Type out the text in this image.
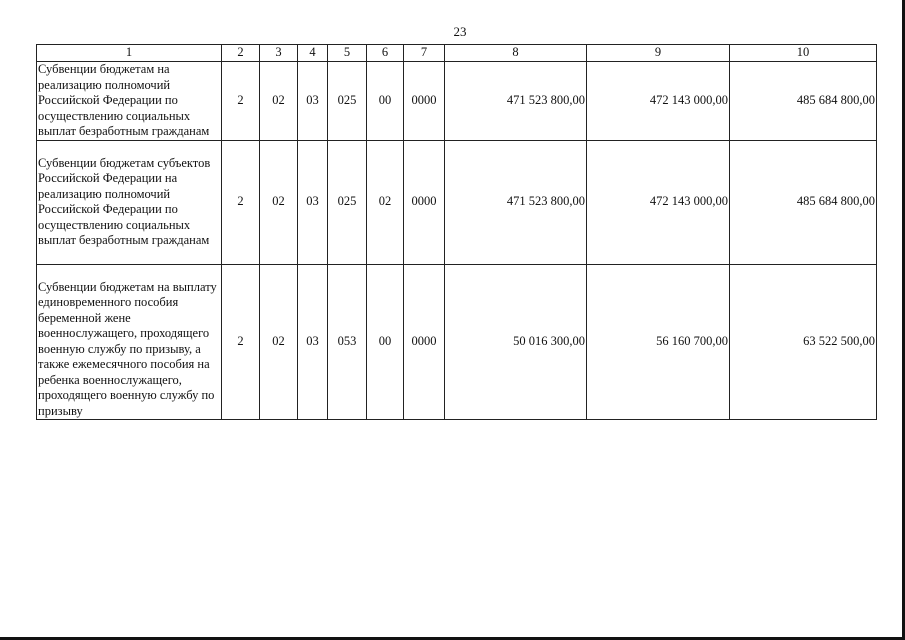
23
1	2	3	4	5	6	7	8	9	10
Субвенции бюджетам на реализацию полномочий Российской Федерации по осуществлению социальных выплат безработным гражданам	2	02	03	025	00	0000	471 523 800,00	472 143 000,00	485 684 800,00

Субвенции бюджетам субъектов Российской Федерации на реализацию полномочий Российской Федерации по осуществлению социальных выплат безработным гражданам	2	02	03	025	02	0000	471 523 800,00	472 143 000,00	485 684 800,00

Субвенции бюджетам на выплату единовременного пособия беременной жене военнослужащего, проходящего военную службу по призыву, а также ежемесячного пособия на ребенка военнослужащего, проходящего военную службу по призыву	2	02	03	053	00	0000	50 016 300,00	56 160 700,00	63 522 500,00
